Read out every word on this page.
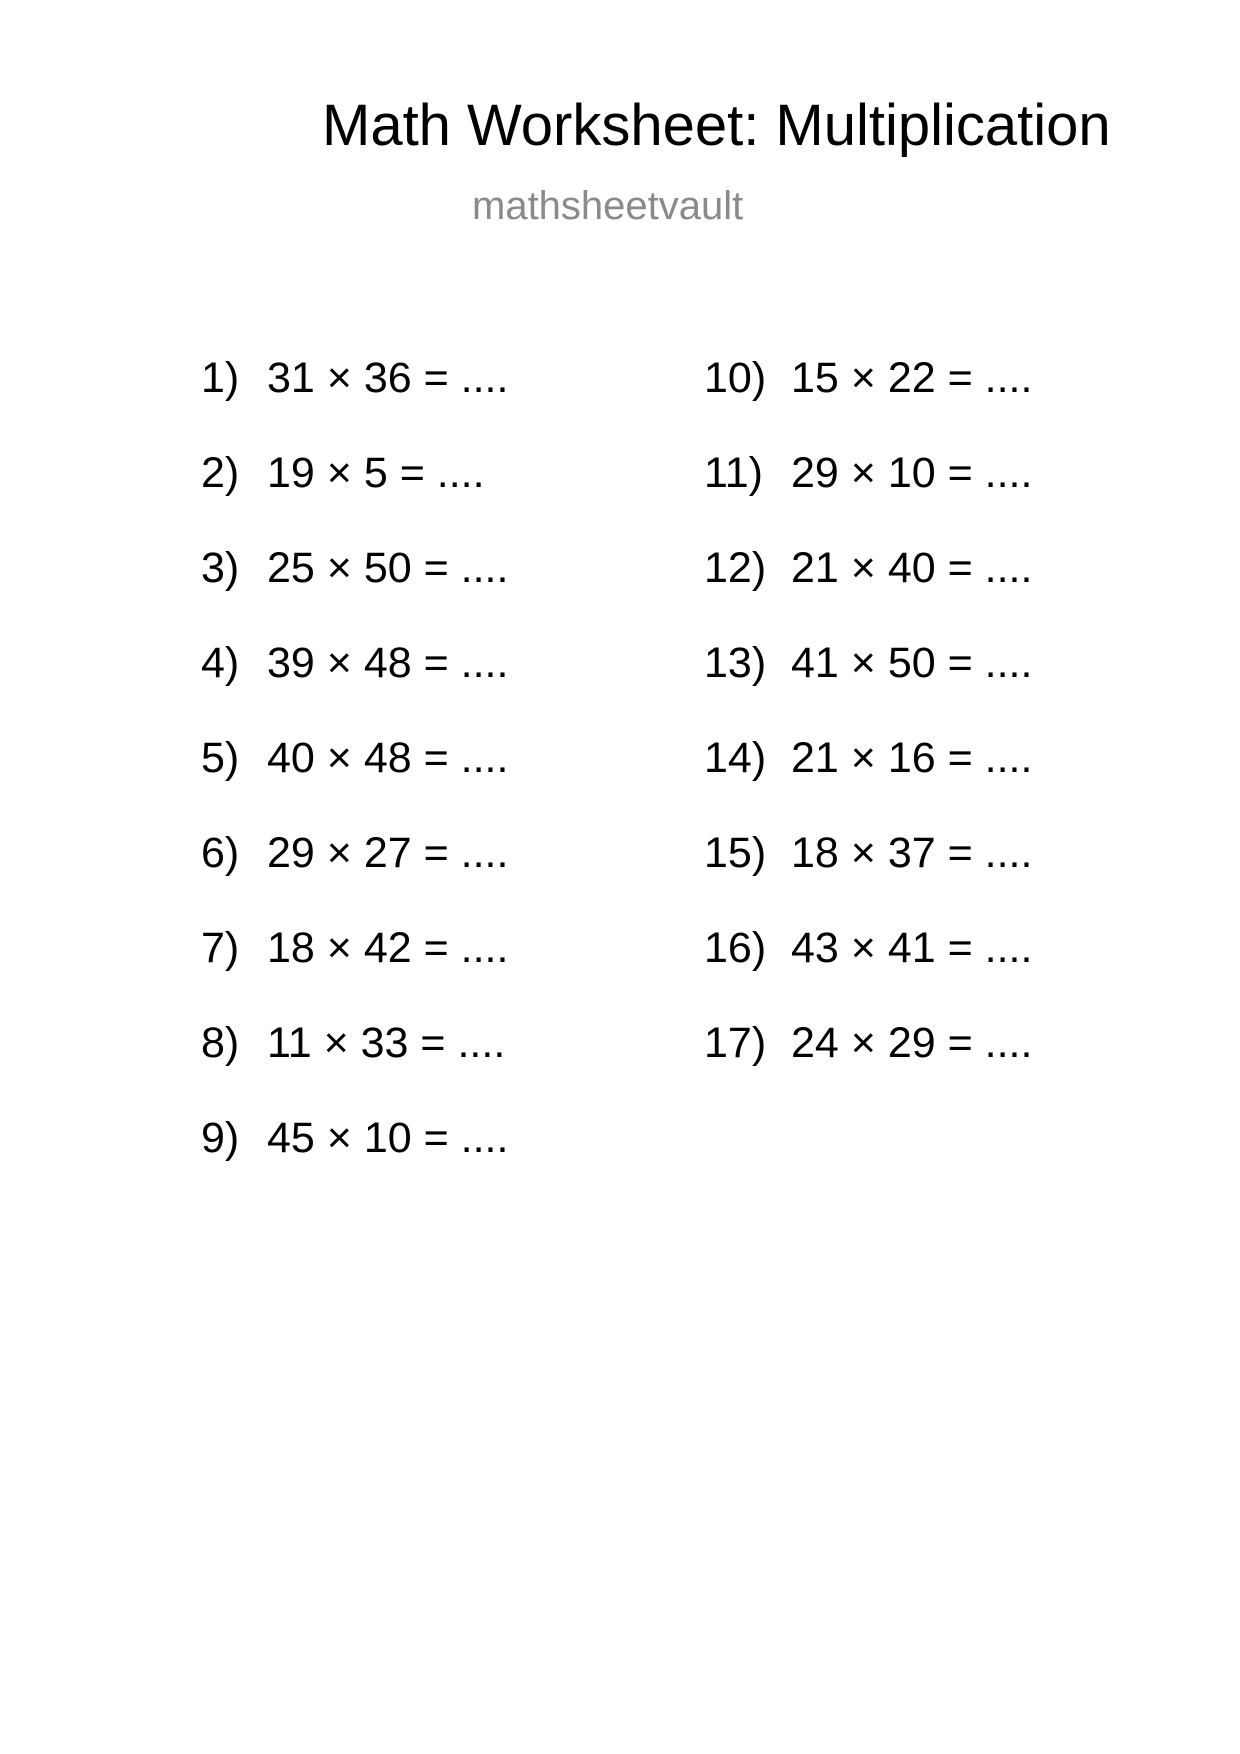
Math Worksheet: Multiplication
mathsheetvault
1) 31 × 36 = ....
2) 19 × 5 = ....
3) 25 × 50 = ....
4) 39 × 48 = ....
5) 40 × 48 = ....
6) 29 × 27 = ....
7) 18 × 42 = ....
8) 11 × 33 = ....
9) 45 × 10 = ....
10) 15 × 22 = ....
11) 29 × 10 = ....
12) 21 × 40 = ....
13) 41 × 50 = ....
14) 21 × 16 = ....
15) 18 × 37 = ....
16) 43 × 41 = ....
17) 24 × 29 = ....
